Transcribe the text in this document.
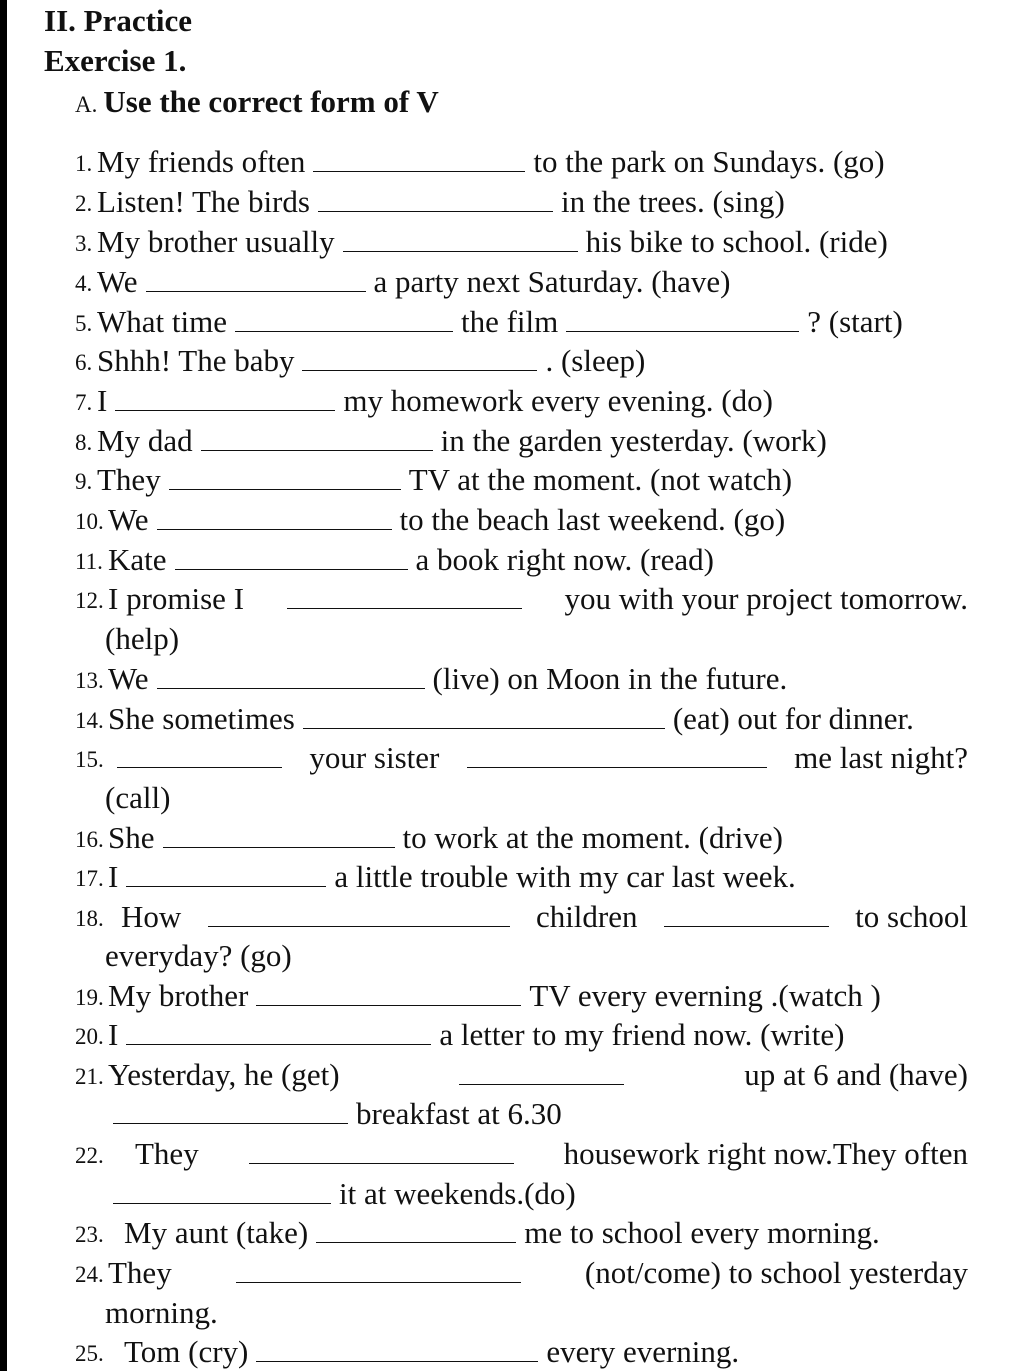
II. Practice
Exercise 1.
A. Use the correct form of V
1. My friends often	to the park on Sundays. (go)
2. Listen! The birds	in the trees. (sing)
3. My brother usually	his bike to school. (ride)
4. We	a party next Saturday. (have)
5. What time	the film	? (start)
6. Shhh! The baby	. (sleep)
7. I	my homework every evening. (do)
8. My dad	in the garden yesterday. (work)
9. They	TV at the moment. (not watch)
10. We	to the beach last weekend. (go)
11. Kate	a book right now. (read)
12. I promise I	you with your project tomorrow.
(help)
13. We	(live) on Moon in the future.
14. She sometimes	(eat) out for dinner.
15.	your sister	me last night?
(call)
16. She	to work at the moment. (drive)
17. I	a little trouble with my car last week.
18. How	children	to school
everyday? (go)
19. My brother	TV every everning .(watch )
20. I	a letter to my friend now. (write)
21. Yesterday, he (get)	up at 6 and (have)
breakfast at 6.30
22. They	housework right now.They often
it at weekends.(do)
23. My aunt (take)	me to school every morning.
24. They	(not/come) to school yesterday
morning.
25. Tom (cry)	every everning.
